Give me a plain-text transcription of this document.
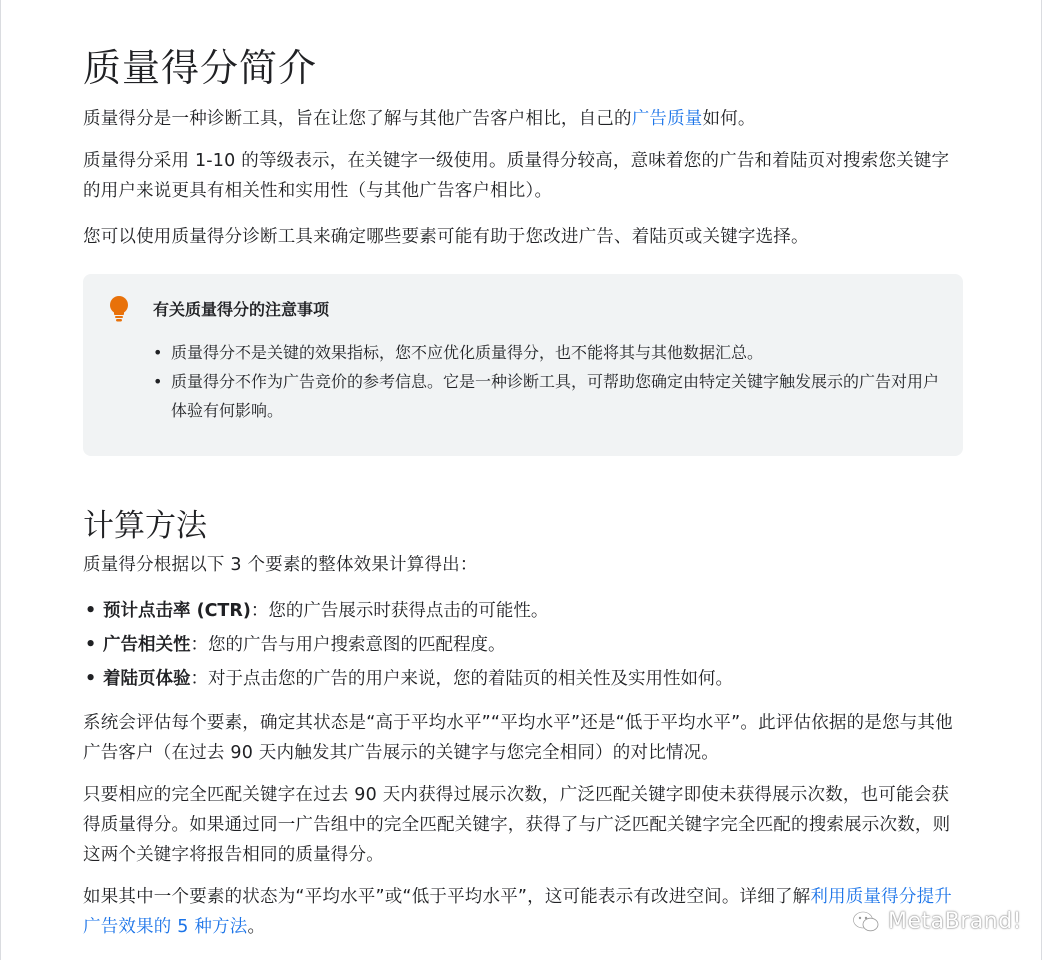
质量得分简介

质量得分是一种诊断工具，旨在让您了解与其他广告客户相比，自己的广告质量如何。

质量得分采用 1-10 的等级表示，在关键字一级使用。质量得分较高，意味着您的广告和着陆页对搜索您关键字的用户来说更具有相关性和实用性（与其他广告客户相比）。

您可以使用质量得分诊断工具来确定哪些要素可能有助于您改进广告、着陆页或关键字选择。

有关质量得分的注意事项
• 质量得分不是关键的效果指标，您不应优化质量得分，也不能将其与其他数据汇总。
• 质量得分不作为广告竞价的参考信息。它是一种诊断工具，可帮助您确定由特定关键字触发展示的广告对用户体验有何影响。
计算方法

质量得分根据以下 3 个要素的整体效果计算得出：

• 预计点击率 (CTR)：您的广告展示时获得点击的可能性。
• 广告相关性：您的广告与用户搜索意图的匹配程度。
• 着陆页体验：对于点击您的广告的用户来说，您的着陆页的相关性及实用性如何。

系统会评估每个要素，确定其状态是“高于平均水平”“平均水平”还是“低于平均水平”。此评估依据的是您与其他广告客户（在过去 90 天内触发其广告展示的关键字与您完全相同）的对比情况。

只要相应的完全匹配关键字在过去 90 天内获得过展示次数，广泛匹配关键字即使未获得展示次数，也可能会获得质量得分。如果通过同一广告组中的完全匹配关键字，获得了与广泛匹配关键字完全匹配的搜索展示次数，则这两个关键字将报告相同的质量得分。

如果其中一个要素的状态为“平均水平”或“低于平均水平”，这可能表示有改进空间。详细了解利用质量得分提升广告效果的 5 种方法。	MetaBrand!
